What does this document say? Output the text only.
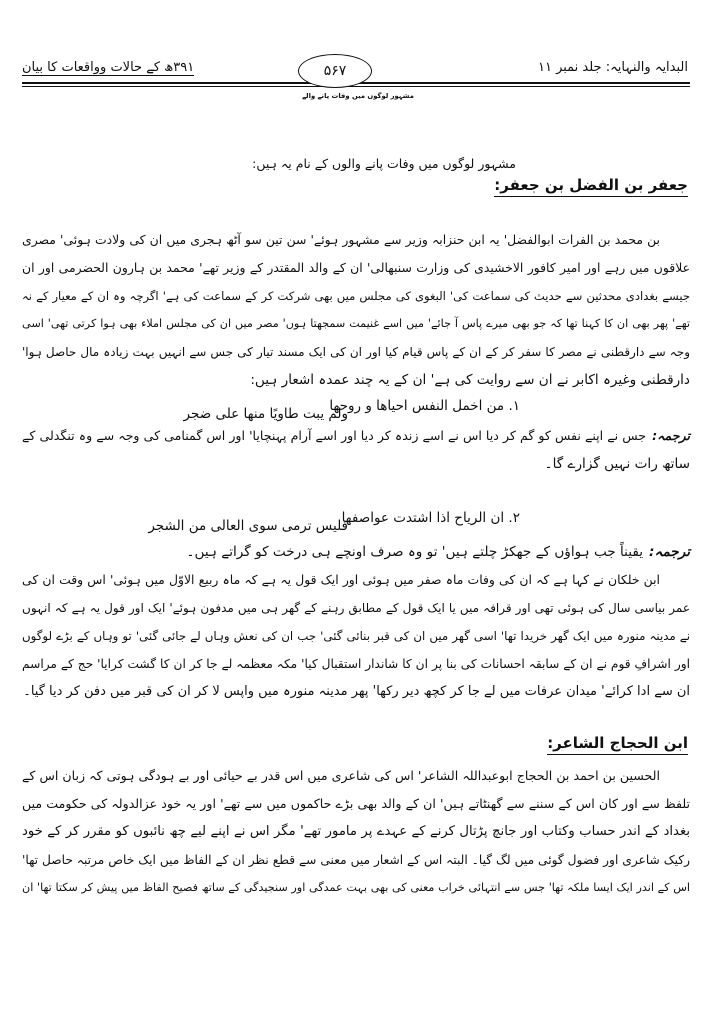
البدایہ والنہایہ: جلد نمبر ۱۱
۳۹۱ھ کے حالات وواقعات کا بیان	۵۶۷
مشہور لوگوں میں وفات پانے والے
مشہور لوگوں میں وفات پانے والوں کے نام یہ ہیں:
جعفر بن الفضل بن جعفر:
ابن الحجاج الشاعر:
بن محمد بن الفرات ابوالفضل' یہ ابن حنزابہ وزیر سے مشہور ہوئے' سن تین سو آٹھ ہجری میں ان کی ولادت ہوئی' مصری
علاقوں میں رہے اور امیر کافور الاخشیدی کی وزارت سنبھالی' ان کے والد المقتدر کے وزیر تھے' محمد بن ہارون الحضرمی اور ان
جیسے بغدادی محدثین سے حدیث کی سماعت کی' البغوی کی مجلس میں بھی شرکت کر کے سماعت کی ہے' اگرچہ وہ ان کے معیار کے نہ
تھے' پھر بھی ان کا کہنا تھا کہ جو بھی میرے پاس آ جائے' میں اسے غنیمت سمجھتا ہوں' مصر میں ان کی مجلس املاء بھی ہوا کرتی تھی' اسی
وجہ سے دارقطنی نے مصر کا سفر کر کے ان کے پاس قیام کیا اور ان کی ایک مسند تیار کی جس سے انہیں بہت زیادہ مال حاصل ہوا'
دارقطنی وغیرہ اکابر نے ان سے روایت کی ہے' ان کے یہ چند عمدہ اشعار ہیں:
۱. من اخمل النفس احیاها و روحها
ولم یبت طاویًا منها علی ضجر
ترجمہ:جس نے اپنے نفس کو گم کر دیا اس نے اسے زندہ کر دیا اور اسے آرام پہنچایا' اور اس گمنامی کی وجہ سے وہ تنگدلی کے
ساتھ رات نہیں گزارے گا۔
۲. ان الریاح اذا اشتدت عواصفها
فلیس ترمی سوی العالی من الشجر
ترجمہ:یقیناً جب ہواؤں کے جھکڑ چلتے ہیں' تو وہ صرف اونچے ہی درخت کو گراتے ہیں۔
ابن خلکان نے کہا ہے کہ ان کی وفات ماہ صفر میں ہوئی اور ایک قول یہ ہے کہ ماہ ربیع الاوّل میں ہوئی' اس وقت ان کی
عمر بیاسی سال کی ہوئی تھی اور قرافہ میں یا ایک قول کے مطابق رہنے کے گھر ہی میں مدفون ہوئے' ایک اور قول یہ ہے کہ انہوں
نے مدینہ منورہ میں ایک گھر خریدا تھا' اسی گھر میں ان کی قبر بنائی گئی' جب ان کی نعش وہاں لے جائی گئی' تو وہاں کے بڑے لوگوں
اور اشرافِ قوم نے ان کے سابقہ احسانات کی بنا پر ان کا شاندار استقبال کیا' مکہ معظمہ لے جا کر ان کا گشت کرایا' حج کے مراسم
ان سے ادا کرائے' میدان عرفات میں لے جا کر کچھ دیر رکھا' پھر مدینہ منورہ میں واپس لا کر ان کی قبر میں دفن کر دیا گیا۔
الحسین بن احمد بن الحجاج ابوعبداللہ الشاعر' اس کی شاعری میں اس قدر بے حیائی اور بے ہودگی ہوتی کہ زبان اس کے
تلفظ سے اور کان اس کے سننے سے گھنٹاتے ہیں' ان کے والد بھی بڑے حاکموں میں سے تھے' اور یہ خود عزالدولہ کی حکومت میں
بغداد کے اندر حساب وکتاب اور جانچ پڑتال کرنے کے عہدے پر مامور تھے' مگر اس نے اپنے لیے چھ نائبوں کو مقرر کر کے خود
رکیک شاعری اور فضول گوئی میں لگ گیا۔ البتہ اس کے اشعار میں معنی سے قطع نظر ان کے الفاظ میں ایک خاص مرتبہ حاصل تھا'
اس کے اندر ایک ایسا ملکہ تھا' جس سے انتہائی خراب معنی کی بھی بہت عمدگی اور سنجیدگی کے ساتھ فصیح الفاظ میں پیش کر سکتا تھا' ان
